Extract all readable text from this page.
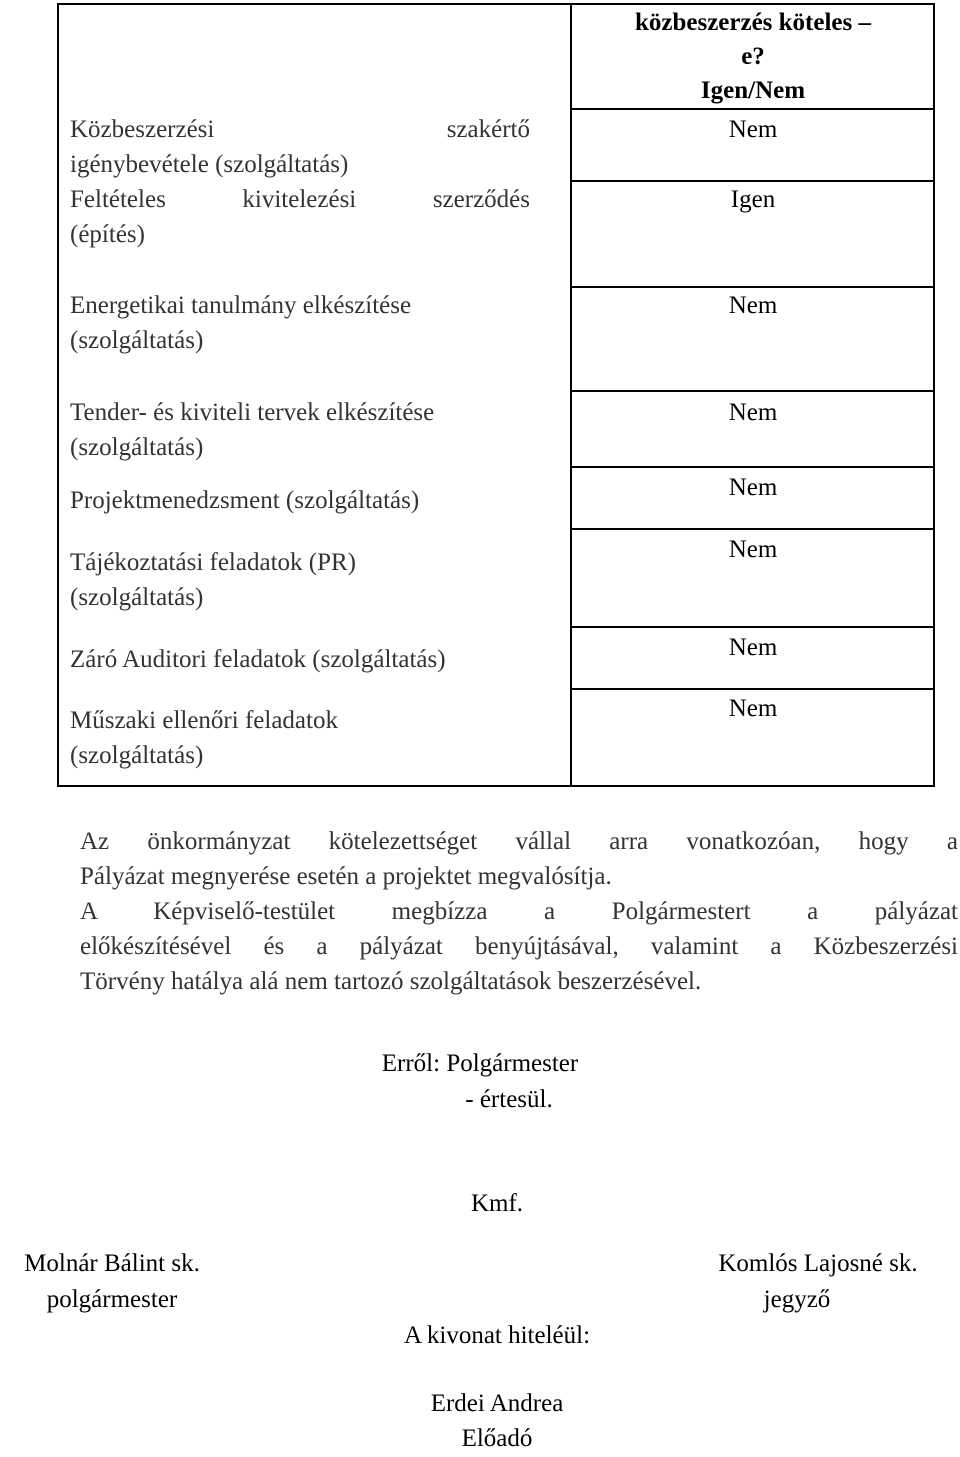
közbeszerzés köteles –
e?
Igen/Nem
Közbeszerzési	szakértő
igénybevétele (szolgáltatás)
Feltételes kivitelezési szerződés
(építés)
Energetikai tanulmány elkészítése
(szolgáltatás)
Tender- és kiviteli tervek elkészítése
(szolgáltatás)
Projektmenedzsment (szolgáltatás)
Tájékoztatási feladatok (PR)
(szolgáltatás)
Záró Auditori feladatok (szolgáltatás)
Műszaki ellenőri feladatok
(szolgáltatás)
Nem
Igen
Nem
Nem
Nem
Nem
Nem
Nem
Az önkormányzat kötelezettséget vállal arra vonatkozóan, hogy a
Pályázat megnyerése esetén a projektet megvalósítja.
A Képviselő-testület megbízza a Polgármestert a pályázat
előkészítésével és a pályázat benyújtásával, valamint a Közbeszerzési
Törvény hatálya alá nem tartozó szolgáltatások beszerzésével.
Erről: Polgármester
- értesül.
Kmf.
Molnár Bálint sk.
polgármester
Komlós Lajosné sk.
jegyző
A kivonat hiteléül:
Erdei Andrea
Előadó
